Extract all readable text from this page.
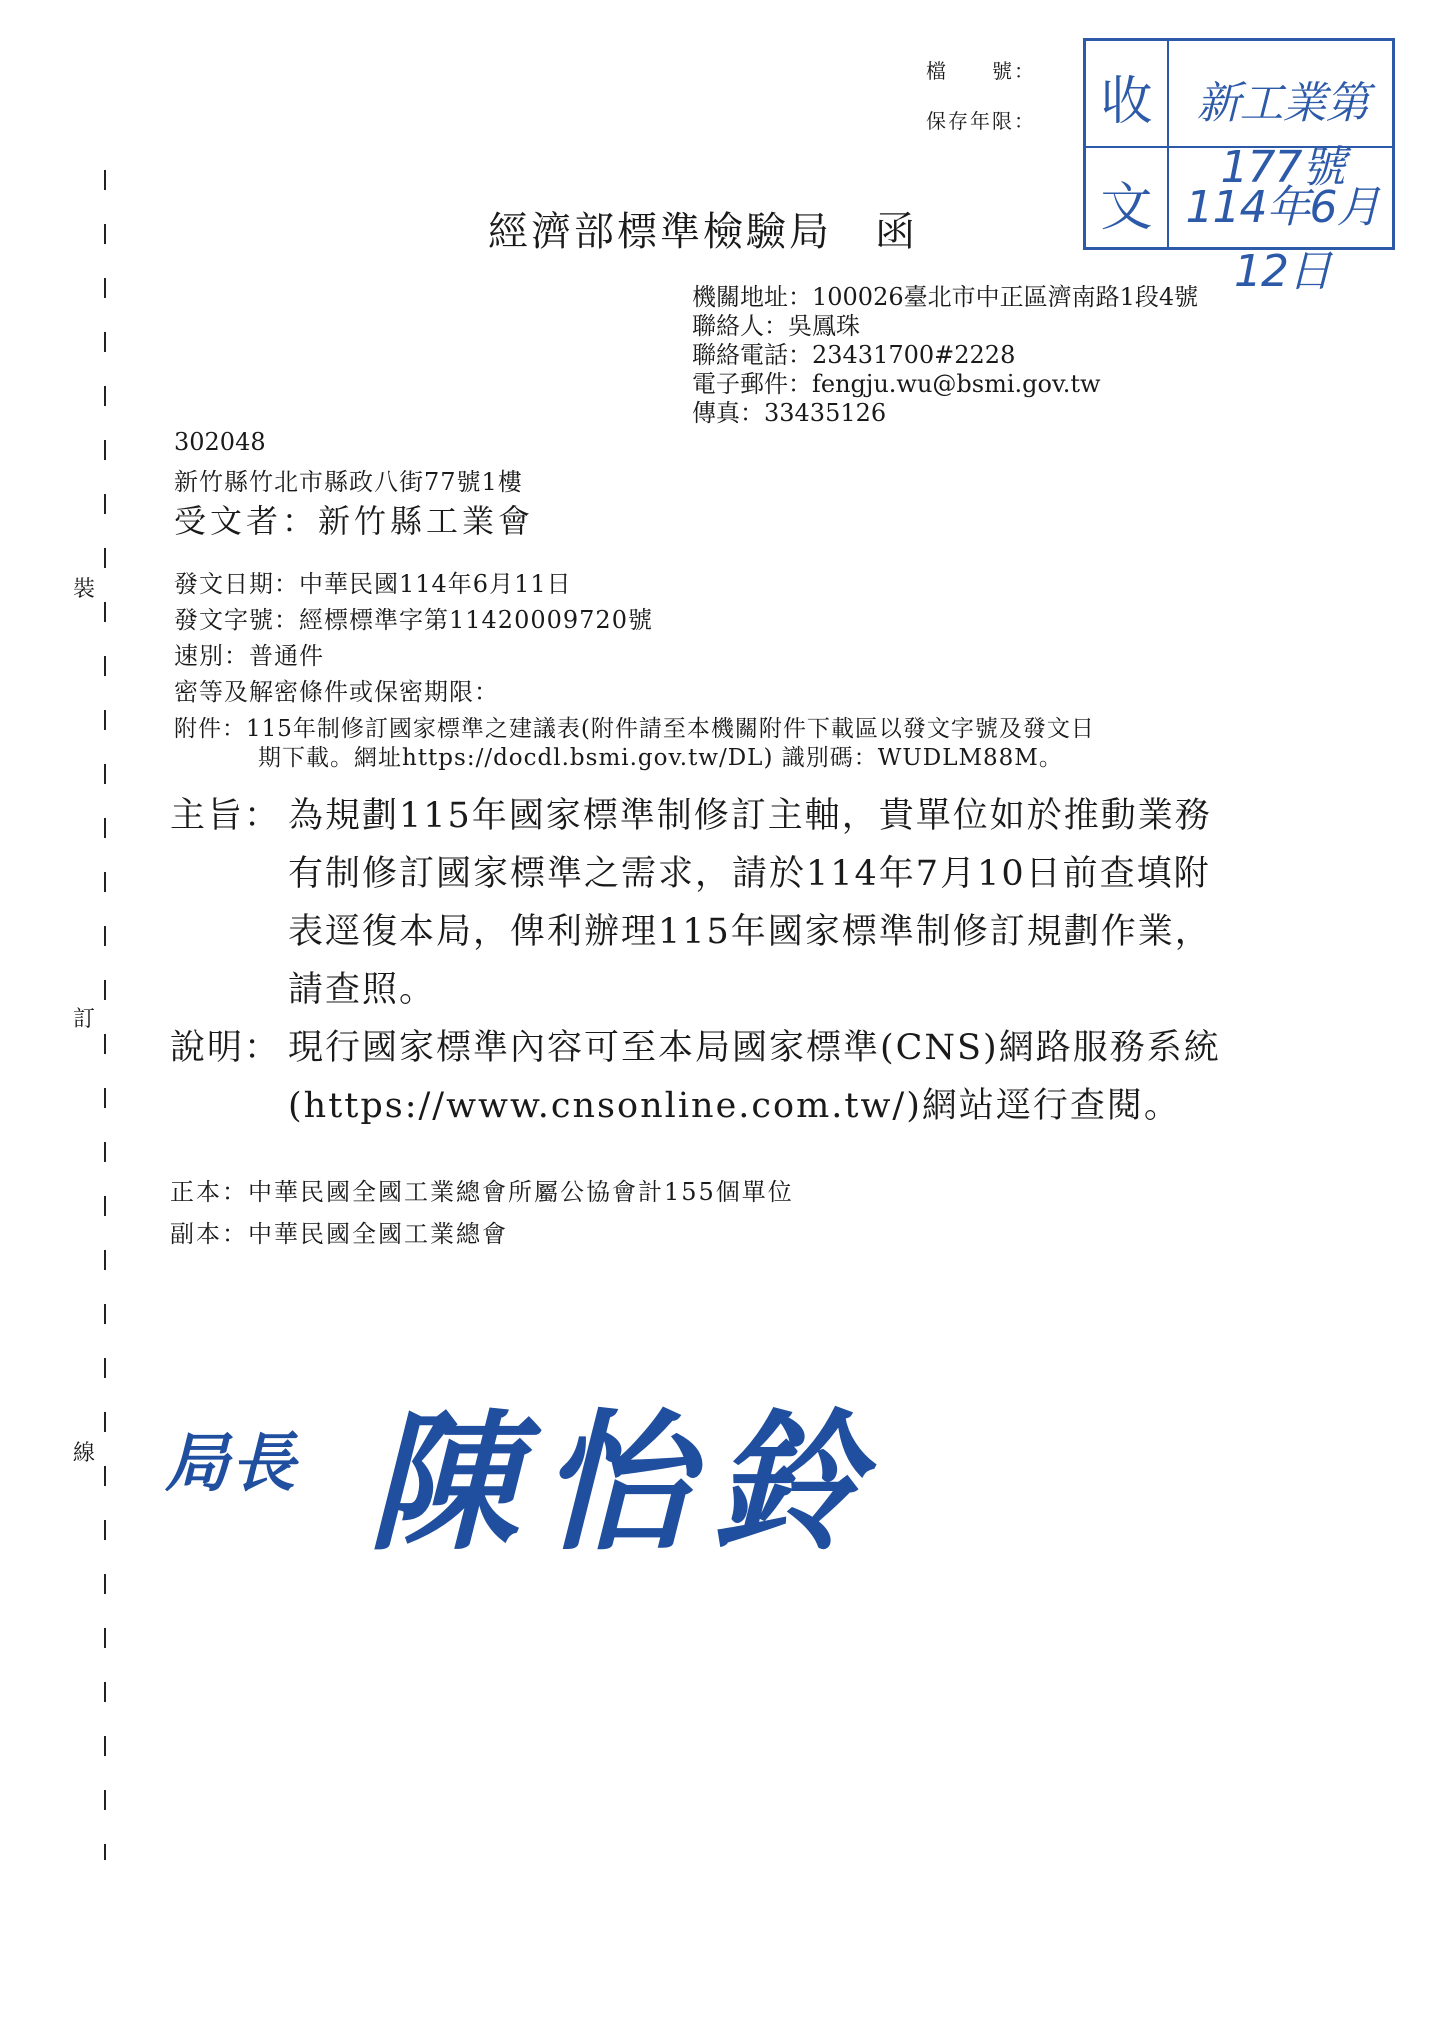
裝
訂
線
檔　　號：
保存年限： 收
文
新工業第177號
114年6月12日
經濟部標準檢驗局　函
機關地址：100026臺北市中正區濟南路1段4號
聯絡人：吳鳳珠
聯絡電話：23431700#2228
電子郵件：fengju.wu@bsmi.gov.tw
傳真：33435126
302048
新竹縣竹北市縣政八街77號1樓
受文者：新竹縣工業會
發文日期：中華民國114年6月11日
發文字號：經標標準字第11420009720號
速別：普通件
密等及解密條件或保密期限：
附件：115年制修訂國家標準之建議表(附件請至本機關附件下載區以發文字號及發文日
期下載。網址https://docdl.bsmi.gov.tw/DL) 識別碼：WUDLM88M。
主旨： 為規劃115年國家標準制修訂主軸，貴單位如於推動業務
有制修訂國家標準之需求，請於114年7月10日前查填附
表逕復本局，俾利辦理115年國家標準制修訂規劃作業，
請查照。
說明： 現行國家標準內容可至本局國家標準(CNS)網路服務系統
(https://www.cnsonline.com.tw/)網站逕行查閱。
正本：中華民國全國工業總會所屬公協會計155個單位
副本：中華民國全國工業總會
局長 陳怡鈴
